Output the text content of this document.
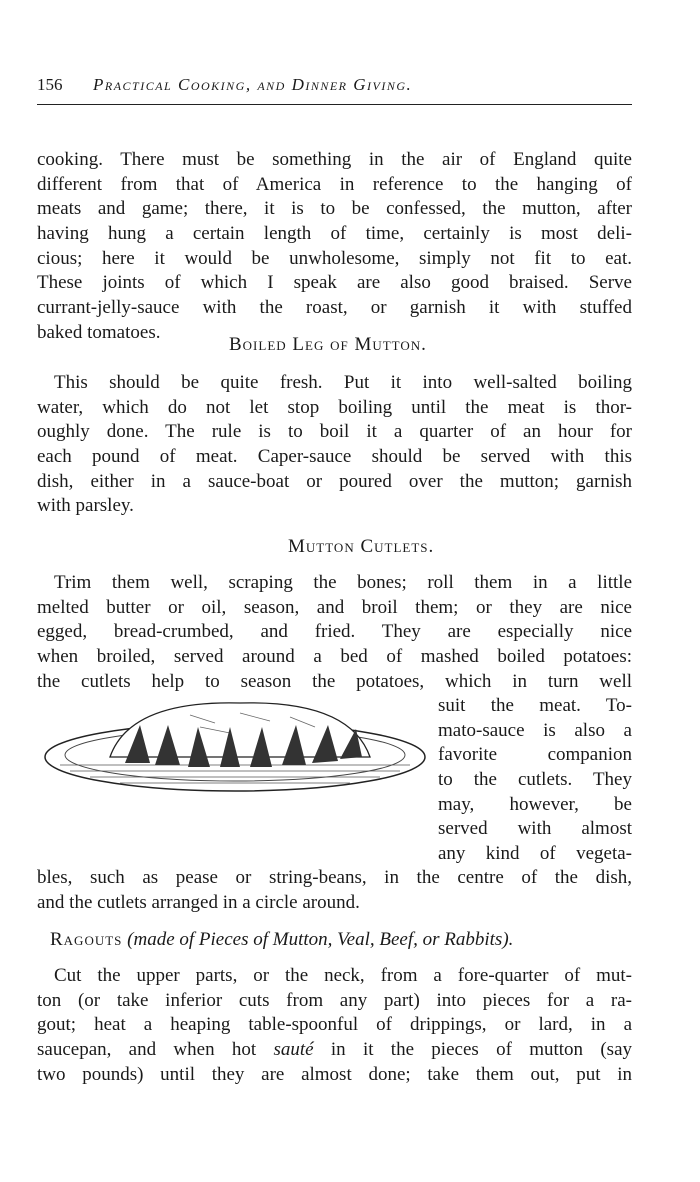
156 Practical Cooking, and Dinner Giving.
cooking. There must be something in the air of England quite
different from that of America in reference to the hanging of
meats and game; there, it is to be confessed, the mutton, after
having hung a certain length of time, certainly is most deli-
cious; here it would be unwholesome, simply not fit to eat.
These joints of which I speak are also good braised. Serve
currant-jelly-sauce with the roast, or garnish it with stuffed
baked tomatoes.
Boiled Leg of Mutton.
This should be quite fresh. Put it into well-salted boiling
water, which do not let stop boiling until the meat is thor-
oughly done. The rule is to boil it a quarter of an hour for
each pound of meat. Caper-sauce should be served with this
dish, either in a sauce-boat or poured over the mutton; garnish
with parsley.
Mutton Cutlets.
Trim them well, scraping the bones; roll them in a little
melted butter or oil, season, and broil them; or they are nice
egged, bread-crumbed, and fried. They are especially nice
when broiled, served around a bed of mashed boiled potatoes:
the cutlets help to season the potatoes, which in turn well
suit the meat. To-
mato-sauce is also a
favorite companion
to the cutlets. They
may, however, be
served with almost
any kind of vegeta-
bles, such as pease or string-beans, in the centre of the dish,
and the cutlets arranged in a circle around.
Ragouts (made of Pieces of Mutton, Veal, Beef, or Rabbits).
Cut the upper parts, or the neck, from a fore-quarter of mut-
ton (or take inferior cuts from any part) into pieces for a ra-
gout; heat a heaping table-spoonful of drippings, or lard, in a
saucepan, and when hot sauté in it the pieces of mutton (say
two pounds) until they are almost done; take them out, put in
